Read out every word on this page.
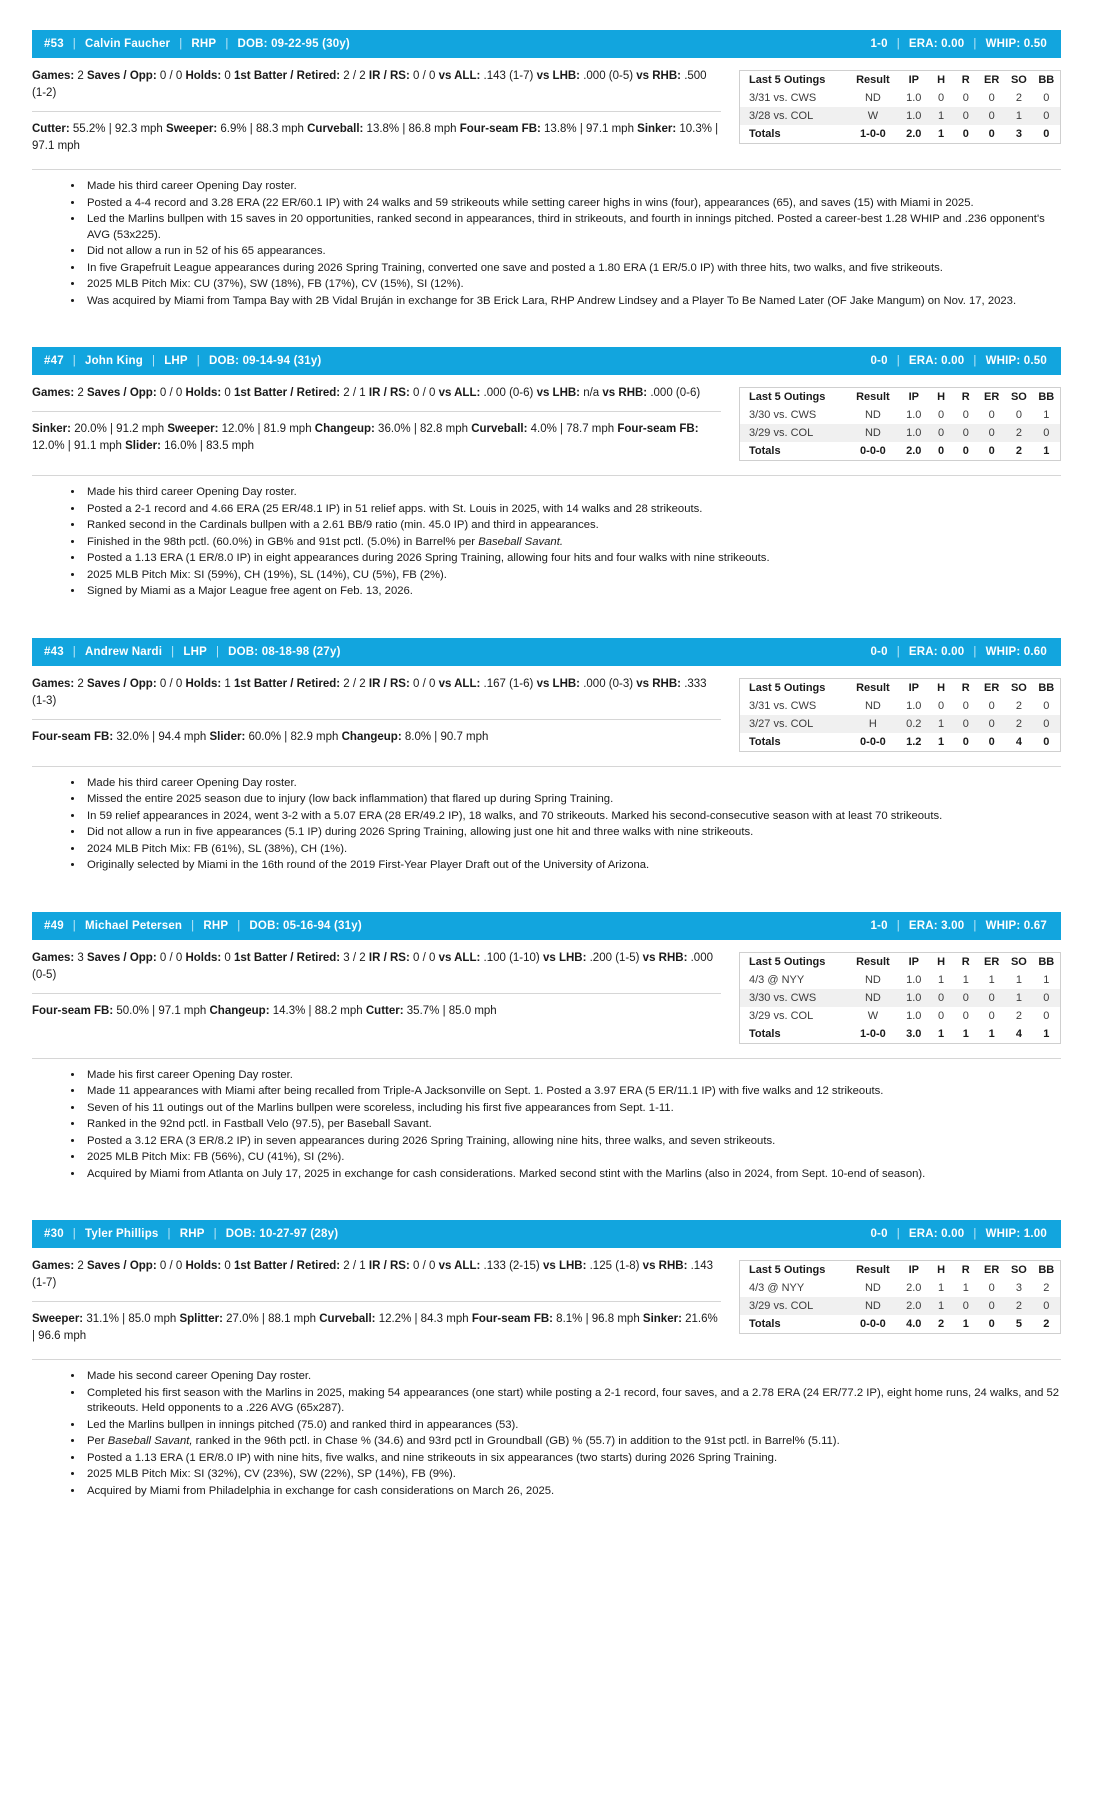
#53 | Calvin Faucher | RHP | DOB: 09-22-95 (30y)	1-0 | ERA: 0.00 | WHIP: 0.50
Games: 2 Saves / Opp: 0 / 0 Holds: 0 1st Batter / Retired: 2 / 2 IR / RS: 0 / 0 vs ALL: .143 (1-7) vs LHB: .000 (0-5) vs RHB: .500 (1-2)
Cutter: 55.2% | 92.3 mph Sweeper: 6.9% | 88.3 mph Curveball: 13.8% | 86.8 mph Four-seam FB: 13.8% | 97.1 mph Sinker: 10.3% | 97.1 mph
Last 5 Outings	Result	IP	H	R	ER	SO	BB
3/31 vs. CWS	ND	1.0	0	0	0	2	0
3/28 vs. COL	W	1.0	1	0	0	1	0
Totals	1-0-0	2.0	1	0	0	3	0
• Made his third career Opening Day roster.
• Posted a 4-4 record and 3.28 ERA (22 ER/60.1 IP) with 24 walks and 59 strikeouts while setting career highs in wins (four), appearances (65), and saves (15) with Miami in 2025.
• Led the Marlins bullpen with 15 saves in 20 opportunities, ranked second in appearances, third in strikeouts, and fourth in innings pitched. Posted a career-best 1.28 WHIP and .236 opponent's AVG (53x225).
• Did not allow a run in 52 of his 65 appearances.
• In five Grapefruit League appearances during 2026 Spring Training, converted one save and posted a 1.80 ERA (1 ER/5.0 IP) with three hits, two walks, and five strikeouts.
• 2025 MLB Pitch Mix: CU (37%), SW (18%), FB (17%), CV (15%), SI (12%).
• Was acquired by Miami from Tampa Bay with 2B Vidal Bruján in exchange for 3B Erick Lara, RHP Andrew Lindsey and a Player To Be Named Later (OF Jake Mangum) on Nov. 17, 2023.
#47 | John King | LHP | DOB: 09-14-94 (31y)	0-0 | ERA: 0.00 | WHIP: 0.50
Games: 2 Saves / Opp: 0 / 0 Holds: 0 1st Batter / Retired: 2 / 1 IR / RS: 0 / 0 vs ALL: .000 (0-6) vs LHB: n/a vs RHB: .000 (0-6)
Sinker: 20.0% | 91.2 mph Sweeper: 12.0% | 81.9 mph Changeup: 36.0% | 82.8 mph Curveball: 4.0% | 78.7 mph Four-seam FB: 12.0% | 91.1 mph Slider: 16.0% | 83.5 mph
Last 5 Outings	Result	IP	H	R	ER	SO	BB
3/30 vs. CWS	ND	1.0	0	0	0	0	1
3/29 vs. COL	ND	1.0	0	0	0	2	0
Totals	0-0-0	2.0	0	0	0	2	1
• Made his third career Opening Day roster.
• Posted a 2-1 record and 4.66 ERA (25 ER/48.1 IP) in 51 relief apps. with St. Louis in 2025, with 14 walks and 28 strikeouts.
• Ranked second in the Cardinals bullpen with a 2.61 BB/9 ratio (min. 45.0 IP) and third in appearances.
• Finished in the 98th pctl. (60.0%) in GB% and 91st pctl. (5.0%) in Barrel% per Baseball Savant.
• Posted a 1.13 ERA (1 ER/8.0 IP) in eight appearances during 2026 Spring Training, allowing four hits and four walks with nine strikeouts.
• 2025 MLB Pitch Mix: SI (59%), CH (19%), SL (14%), CU (5%), FB (2%).
• Signed by Miami as a Major League free agent on Feb. 13, 2026.
#43 | Andrew Nardi | LHP | DOB: 08-18-98 (27y)	0-0 | ERA: 0.00 | WHIP: 0.60
Games: 2 Saves / Opp: 0 / 0 Holds: 1 1st Batter / Retired: 2 / 2 IR / RS: 0 / 0 vs ALL: .167 (1-6) vs LHB: .000 (0-3) vs RHB: .333 (1-3)
Four-seam FB: 32.0% | 94.4 mph Slider: 60.0% | 82.9 mph Changeup: 8.0% | 90.7 mph
Last 5 Outings	Result	IP	H	R	ER	SO	BB
3/31 vs. CWS	ND	1.0	0	0	0	2	0
3/27 vs. COL	H	0.2	1	0	0	2	0
Totals	0-0-0	1.2	1	0	0	4	0
• Made his third career Opening Day roster.
• Missed the entire 2025 season due to injury (low back inflammation) that flared up during Spring Training.
• In 59 relief appearances in 2024, went 3-2 with a 5.07 ERA (28 ER/49.2 IP), 18 walks, and 70 strikeouts. Marked his second-consecutive season with at least 70 strikeouts.
• Did not allow a run in five appearances (5.1 IP) during 2026 Spring Training, allowing just one hit and three walks with nine strikeouts.
• 2024 MLB Pitch Mix: FB (61%), SL (38%), CH (1%).
• Originally selected by Miami in the 16th round of the 2019 First-Year Player Draft out of the University of Arizona.
#49 | Michael Petersen | RHP | DOB: 05-16-94 (31y)	1-0 | ERA: 3.00 | WHIP: 0.67
Games: 3 Saves / Opp: 0 / 0 Holds: 0 1st Batter / Retired: 3 / 2 IR / RS: 0 / 0 vs ALL: .100 (1-10) vs LHB: .200 (1-5) vs RHB: .000 (0-5)
Four-seam FB: 50.0% | 97.1 mph Changeup: 14.3% | 88.2 mph Cutter: 35.7% | 85.0 mph
Last 5 Outings	Result	IP	H	R	ER	SO	BB
4/3 @ NYY	ND	1.0	1	1	1	1	1
3/30 vs. CWS	ND	1.0	0	0	0	1	0
3/29 vs. COL	W	1.0	0	0	0	2	0
Totals	1-0-0	3.0	1	1	1	4	1
• Made his first career Opening Day roster.
• Made 11 appearances with Miami after being recalled from Triple-A Jacksonville on Sept. 1. Posted a 3.97 ERA (5 ER/11.1 IP) with five walks and 12 strikeouts.
• Seven of his 11 outings out of the Marlins bullpen were scoreless, including his first five appearances from Sept. 1-11.
• Ranked in the 92nd pctl. in Fastball Velo (97.5), per Baseball Savant.
• Posted a 3.12 ERA (3 ER/8.2 IP) in seven appearances during 2026 Spring Training, allowing nine hits, three walks, and seven strikeouts.
• 2025 MLB Pitch Mix: FB (56%), CU (41%), SI (2%).
• Acquired by Miami from Atlanta on July 17, 2025 in exchange for cash considerations. Marked second stint with the Marlins (also in 2024, from Sept. 10-end of season).
#30 | Tyler Phillips | RHP | DOB: 10-27-97 (28y)	0-0 | ERA: 0.00 | WHIP: 1.00
Games: 2 Saves / Opp: 0 / 0 Holds: 0 1st Batter / Retired: 2 / 1 IR / RS: 0 / 0 vs ALL: .133 (2-15) vs LHB: .125 (1-8) vs RHB: .143 (1-7)
Sweeper: 31.1% | 85.0 mph Splitter: 27.0% | 88.1 mph Curveball: 12.2% | 84.3 mph Four-seam FB: 8.1% | 96.8 mph Sinker: 21.6% | 96.6 mph
Last 5 Outings	Result	IP	H	R	ER	SO	BB
4/3 @ NYY	ND	2.0	1	1	0	3	2
3/29 vs. COL	ND	2.0	1	0	0	2	0
Totals	0-0-0	4.0	2	1	0	5	2
• Made his second career Opening Day roster.
• Completed his first season with the Marlins in 2025, making 54 appearances (one start) while posting a 2-1 record, four saves, and a 2.78 ERA (24 ER/77.2 IP), eight home runs, 24 walks, and 52 strikeouts. Held opponents to a .226 AVG (65x287).
• Led the Marlins bullpen in innings pitched (75.0) and ranked third in appearances (53).
• Per Baseball Savant, ranked in the 96th pctl. in Chase % (34.6) and 93rd pctl in Groundball (GB) % (55.7) in addition to the 91st pctl. in Barrel% (5.11).
• Posted a 1.13 ERA (1 ER/8.0 IP) with nine hits, five walks, and nine strikeouts in six appearances (two starts) during 2026 Spring Training.
• 2025 MLB Pitch Mix: SI (32%), CV (23%), SW (22%), SP (14%), FB (9%).
• Acquired by Miami from Philadelphia in exchange for cash considerations on March 26, 2025.
